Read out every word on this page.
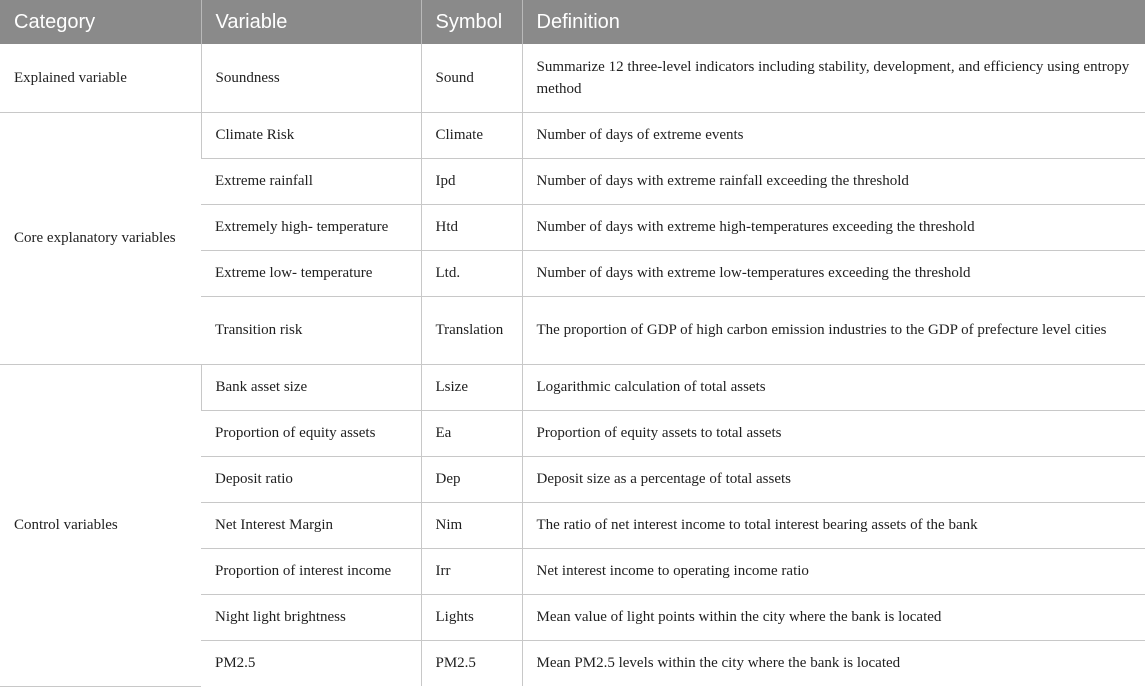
Category	Variable	Symbol	Definition
Explained variable	Soundness	Sound	Summarize 12 three-level indicators including stability, development, and efficiency using entropy method
Core explanatory variables	Climate Risk	Climate	Number of days of extreme events
	Extreme rainfall	Ipd	Number of days with extreme rainfall exceeding the threshold
	Extremely high- temperature	Htd	Number of days with extreme high-temperatures exceeding the threshold
	Extreme low- temperature	Ltd.	Number of days with extreme low-temperatures exceeding the threshold
	Transition risk	Translation	The proportion of GDP of high carbon emission industries to the GDP of prefecture level cities
Control variables	Bank asset size	Lsize	Logarithmic calculation of total assets
	Proportion of equity assets	Ea	Proportion of equity assets to total assets
	Deposit ratio	Dep	Deposit size as a percentage of total assets
	Net Interest Margin	Nim	The ratio of net interest income to total interest bearing assets of the bank
	Proportion of interest income	Irr	Net interest income to operating income ratio
	Night light brightness	Lights	Mean value of light points within the city where the bank is located
	PM2.5	PM2.5	Mean PM2.5 levels within the city where the bank is located
